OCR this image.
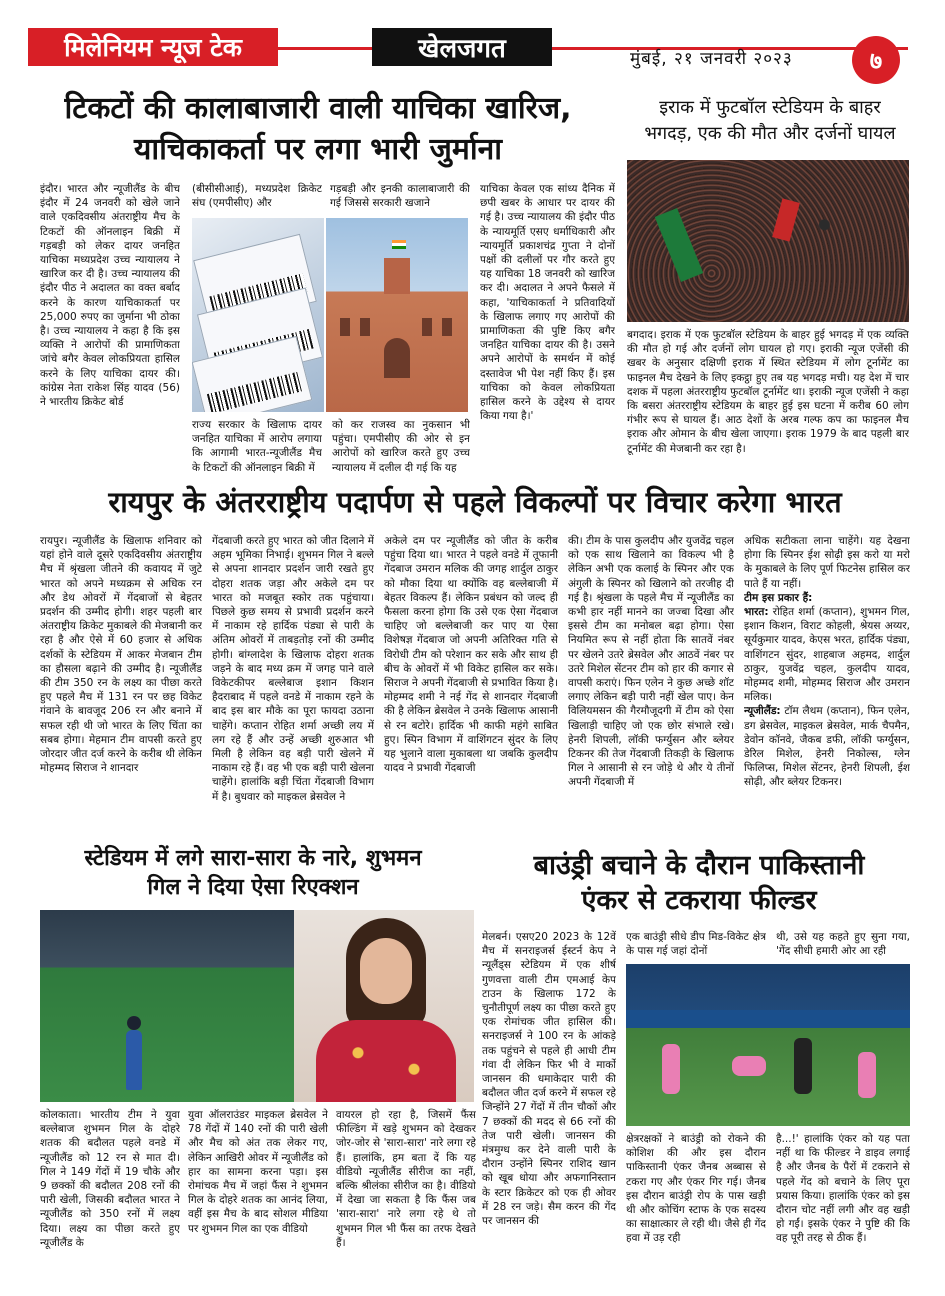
मिलेनियम न्यूज टेक	खेलजगत	मुंबई, २१ जनवरी २०२३	७
टिकटों की कालाबाजारी वाली याचिका खारिज,
याचिकाकर्ता पर लगा भारी जुर्माना
इंदौर। भारत और न्यूजीलैंड के बीच इंदौर में 24 जनवरी को खेले जाने वाले एकदिवसीय अंतराष्ट्रीय मैच के टिकटों की ऑनलाइन बिक्री में गड़बड़ी को लेकर दायर जनहित याचिका मध्यप्रदेश उच्च न्यायालय ने खारिज कर दी है। उच्च न्यायालय की इंदौर पीठ ने अदालत का वक्त बर्बाद करने के कारण याचिकाकर्ता पर 25,000 रुपए का जुर्माना भी ठोका है। उच्च न्यायालय ने कहा है कि इस व्यक्ति ने आरोपों की प्रामाणिकता जांचे बगैर केवल लोकप्रियता हासिल करने के लिए याचिका दायर की। कांग्रेस नेता राकेश सिंह यादव (56) ने भारतीय क्रिकेट बोर्ड
(बीसीसीआई), मध्यप्रदेश क्रिकेट संघ (एमपीसीए) और
गड़बड़ी और इनकी कालाबाजारी की गई जिससे सरकारी खजाने
राज्य सरकार के खिलाफ दायर जनहित याचिका में आरोप लगाया कि आगामी भारत-न्यूजीलैंड मैच के टिकटों की ऑनलाइन बिक्री में
को कर राजस्व का नुकसान भी पहुंचा। एमपीसीए की ओर से इन आरोपों को खारिज करते हुए उच्च न्यायालय में दलील दी गई कि यह
याचिका केवल एक सांध्य दैनिक में छपी खबर के आधार पर दायर की गई है। उच्च न्यायालय की इंदौर पीठ के न्यायमूर्ति एसए धर्माधिकारी और न्यायमूर्ति प्रकाशचंद्र गुप्ता ने दोनों पक्षों की दलीलों पर गौर करते हुए यह याचिका 18 जनवरी को खारिज कर दी। अदालत ने अपने फैसले में कहा, 'याचिकाकर्ता ने प्रतिवादियों के खिलाफ लगाए गए आरोपों की प्रामाणिकता की पुष्टि किए बगैर जनहित याचिका दायर की है। उसने अपने आरोपों के समर्थन में कोई दस्तावेज भी पेश नहीं किए हैं। इस याचिका को केवल लोकप्रियता हासिल करने के उद्देश्य से दायर किया गया है।'
इराक में फुटबॉल स्टेडियम के बाहर
भगदड़, एक की मौत और दर्जनों घायल
बगदाद। इराक में एक फुटबॉल स्टेडियम के बाहर हुई भगदड़ में एक व्यक्ति की मौत हो गई और दर्जनों लोग घायल हो गए। इराकी न्यूज एजेंसी की खबर के अनुसार दक्षिणी इराक में स्थित स्टेडियम में लोग टूर्नामेंट का फाइनल मैच देखने के लिए इकट्ठा हुए तब यह भगदड़ मची। यह देश में चार दशक में पहला अंतरराष्ट्रीय फुटबॉल टूर्नामेंट था। इराकी न्यूज एजेंसी ने कहा कि बसरा अंतरराष्ट्रीय स्टेडियम के बाहर हुई इस घटना में करीब 60 लोग गंभीर रूप से घायल हैं। आठ देशों के अरब गल्फ कप का फाइनल मैच इराक और ओमान के बीच खेला जाएगा। इराक 1979 के बाद पहली बार टूर्नामेंट की मेजबानी कर रहा है।
रायपुर के अंतरराष्ट्रीय पदार्पण से पहले विकल्पों पर विचार करेगा भारत
रायपुर। न्यूजीलैंड के खिलाफ शनिवार को यहां होने वाले दूसरे एकदिवसीय अंतराष्ट्रीय मैच में श्रृंखला जीतने की कवायद में जुटे भारत को अपने मध्यक्रम से अधिक रन और डेथ ओवरों में गेंदबाजों से बेहतर प्रदर्शन की उम्मीद होगी। शहर पहली बार अंतराष्ट्रीय क्रिकेट मुकाबले की मेजबानी कर रहा है और ऐसे में 60 हजार से अधिक दर्शकों के स्टेडियम में आकर मेजबान टीम का हौसला बढ़ाने की उम्मीद है। न्यूजीलैंड की टीम 350 रन के लक्ष्य का पीछा करते हुए पहले मैच में 131 रन पर छह विकेट गंवाने के बावजूद 206 रन और बनाने में सफल रही थी जो भारत के लिए चिंता का सबब होगा। मेहमान टीम वापसी करते हुए जोरदार जीत दर्ज करने के करीब थी लेकिन मोहम्मद सिराज ने शानदार
गेंदबाजी करते हुए भारत को जीत दिलाने में अहम भूमिका निभाई। शुभमन गिल ने बल्ले से अपना शानदार प्रदर्शन जारी रखते हुए दोहरा शतक जड़ा और अकेले दम पर भारत को मजबूत स्कोर तक पहुंचाया। पिछले कुछ समय से प्रभावी प्रदर्शन करने में नाकाम रहे हार्दिक पंड्या से पारी के अंतिम ओवरों में ताबड़तोड़ रनों की उम्मीद होगी। बांग्लादेश के खिलाफ दोहरा शतक जड़ने के बाद मध्य क्रम में जगह पाने वाले विकेटकीपर बल्लेबाज इशान किशन हैदराबाद में पहले वनडे में नाकाम रहने के बाद इस बार मौके का पूरा फायदा उठाना चाहेंगे। कप्तान रोहित शर्मा अच्छी लय में लग रहे हैं और उन्हें अच्छी शुरुआत भी मिली है लेकिन वह बड़ी पारी खेलने में नाकाम रहे हैं। वह भी एक बड़ी पारी खेलना चाहेंगे। हालांकि बड़ी चिंता गेंदबाजी विभाग में है। बुधवार को माइकल ब्रेसवेल ने
अकेले दम पर न्यूजीलैंड को जीत के करीब पहुंचा दिया था। भारत ने पहले वनडे में तूफानी गेंदबाज उमरान मलिक की जगह शार्दुल ठाकुर को मौका दिया था क्योंकि वह बल्लेबाजी में बेहतर विकल्प हैं। लेकिन प्रबंधन को जल्द ही फैसला करना होगा कि उसे एक ऐसा गेंदबाज चाहिए जो बल्लेबाजी कर पाए या ऐसा विशेषज्ञ गेंदबाज जो अपनी अतिरिक्त गति से विरोधी टीम को परेशान कर सके और साथ ही बीच के ओवरों में भी विकेट हासिल कर सके। सिराज ने अपनी गेंदबाजी से प्रभावित किया है। मोहम्मद शमी ने नई गेंद से शानदार गेंदबाजी की है लेकिन ब्रेसवेल ने उनके खिलाफ आसानी से रन बटोरे। हार्दिक भी काफी महंगे साबित हुए। स्पिन विभाग में वाशिंगटन सुंदर के लिए यह भुलाने वाला मुकाबला था जबकि कुलदीप यादव ने प्रभावी गेंदबाजी
की। टीम के पास कुलदीप और युजवेंद्र चहल को एक साथ खिलाने का विकल्प भी है लेकिन अभी एक कलाई के स्पिनर और एक अंगुली के स्पिनर को खिलाने को तरजीह दी गई है। श्रृंखला के पहले मैच में न्यूजीलैंड का कभी हार नहीं मानने का जज्बा दिखा और इससे टीम का मनोबल बढ़ा होगा। ऐसा नियमित रूप से नहीं होता कि सातवें नंबर पर खेलने उतरे ब्रेसवेल और आठवें नंबर पर उतरे मिशेल सेंटनर टीम को हार की कगार से वापसी कराएं। फिन एलेन ने कुछ अच्छे शॉट लगाए लेकिन बड़ी पारी नहीं खेल पाए। केन विलियमसन की गैरमौजूदगी में टीम को ऐसा खिलाड़ी चाहिए जो एक छोर संभाले रखे। हेनरी शिपली, लॉकी फर्ग्युसन और ब्लेयर टिकनर की तेज गेंदबाजी तिकड़ी के खिलाफ गिल ने आसानी से रन जोड़े थे और ये तीनों अपनी गेंदबाजी में
अधिक सटीकता लाना चाहेंगे। यह देखना होगा कि स्पिनर ईश सोढ़ी इस करो या मरो के मुकाबले के लिए पूर्ण फिटनेस हासिल कर पाते हैं या नहीं।
टीम इस प्रकार हैं:
भारत: रोहित शर्मा (कप्तान), शुभमन गिल, इशान किशन, विराट कोहली, श्रेयस अय्यर, सूर्यकुमार यादव, केएस भरत, हार्दिक पंड्या, वाशिंगटन सुंदर, शाहबाज अहमद, शार्दुल ठाकुर, युजवेंद्र चहल, कुलदीप यादव, मोहम्मद शमी, मोहम्मद सिराज और उमरान मलिक।
न्यूजीलैंड: टॉम लैथम (कप्तान), फिन एलेन, डग ब्रेसवेल, माइकल ब्रेसवेल, मार्क चैपमैन, डेवोन कॉनवे, जैकब डफी, लॉकी फर्ग्युसन, डेरिल मिशेल, हेनरी निकोल्स, ग्लेन फिलिप्स, मिशेल सेंटनर, हेनरी शिपली, ईश सोढ़ी, और ब्लेयर टिकनर।
स्टेडियम में लगे सारा-सारा के नारे, शुभमन
गिल ने दिया ऐसा रिएक्शन
कोलकाता। भारतीय टीम ने युवा बल्लेबाज शुभमन गिल के दोहरे शतक की बदौलत पहले वनडे में न्यूजीलैंड को 12 रन से मात दी। गिल ने 149 गेंदों में 19 चौके और 9 छक्कों की बदौलत 208 रनों की पारी खेली, जिसकी बदौलत भारत ने न्यूजीलैंड को 350 रनों में लक्ष्य दिया। लक्ष्य का पीछा करते हुए न्यूजीलैंड के
युवा ऑलराउंडर माइकल ब्रेसवेल ने 78 गेंदों में 140 रनों की पारी खेली और मैच को अंत तक लेकर गए, लेकिन आखिरी ओवर में न्यूजीलैंड को हार का सामना करना पड़ा। इस रोमांचक मैच में जहां फैंस ने शुभमन गिल के दोहरे शतक का आनंद लिया, वहीं इस मैच के बाद सोशल मीडिया पर शुभमन गिल का एक वीडियो
वायरल हो रहा है, जिसमें फैंस फील्डिंग में खड़े शुभमन को देखकर जोर-जोर से 'सारा-सारा' नारे लगा रहे हैं। हालांकि, हम बता दें कि यह वीडियो न्यूजीलैंड सीरीज का नहीं, बल्कि श्रीलंका सीरीज का है। वीडियो में देखा जा सकता है कि फैंस जब 'सारा-सारा' नारे लगा रहे थे तो शुभमन गिल भी फैंस का तरफ देखते हैं।
बाउंड्री बचाने के दौरान पाकिस्तानी
एंकर से टकराया फील्डर
मेलबर्न। एसए20 2023 के 12वें मैच में सनराइजर्स ईस्टर्न केप ने न्यूलैंड्स स्टेडियम में एक शीर्ष गुणवत्ता वाली टीम एमआई केप टाउन के खिलाफ 172 के चुनौतीपूर्ण लक्ष्य का पीछा करते हुए एक रोमांचक जीत हासिल की। सनराइजर्स ने 100 रन के आंकड़े तक पहुंचने से पहले ही आधी टीम गंवा दी लेकिन फिर भी वे मार्को जानसन की धमाकेदार पारी की बदौलत जीत दर्ज करने में सफल रहे जिन्होंने 27 गेंदों में तीन चौकों और 7 छक्कों की मदद से 66 रनों की तेज पारी खेली। जानसन की मंत्रमुग्ध कर देने वाली पारी के दौरान उन्होंने स्पिनर राशिद खान को खूब धोया और अफगानिस्तान के स्टार क्रिकेटर को एक ही ओवर में 28 रन जड़े। सैम करन की गेंद पर जानसन की
एक बाउंड्री सीधे डीप मिड-विकेट क्षेत्र के पास गई जहां दोनों
थी, उसे यह कहते हुए सुना गया, 'गेंद सीधी हमारी ओर आ रही
क्षेत्ररक्षकों ने बाउंड्री को रोकने की कोशिश की और इस दौरान पाकिस्तानी एंकर जैनब अब्बास से टकरा गए और एंकर गिर गई। जैनब इस दौरान बाउंड्री रोप के पास खड़ी थी और कोचिंग स्टाफ के एक सदस्य का साक्षात्कार ले रही थी। जैसे ही गेंद हवा में उड़ रही
है...!' हालांकि एंकर को यह पता नहीं था कि फील्डर ने डाइव लगाई है और जैनब के पैरों में टकराने से पहले गेंद को बचाने के लिए पूरा प्रयास किया। हालांकि एंकर को इस दौरान चोट नहीं लगी और वह खड़ी हो गईं। इसके एंकर ने पुष्टि की कि वह पूरी तरह से ठीक हैं।
